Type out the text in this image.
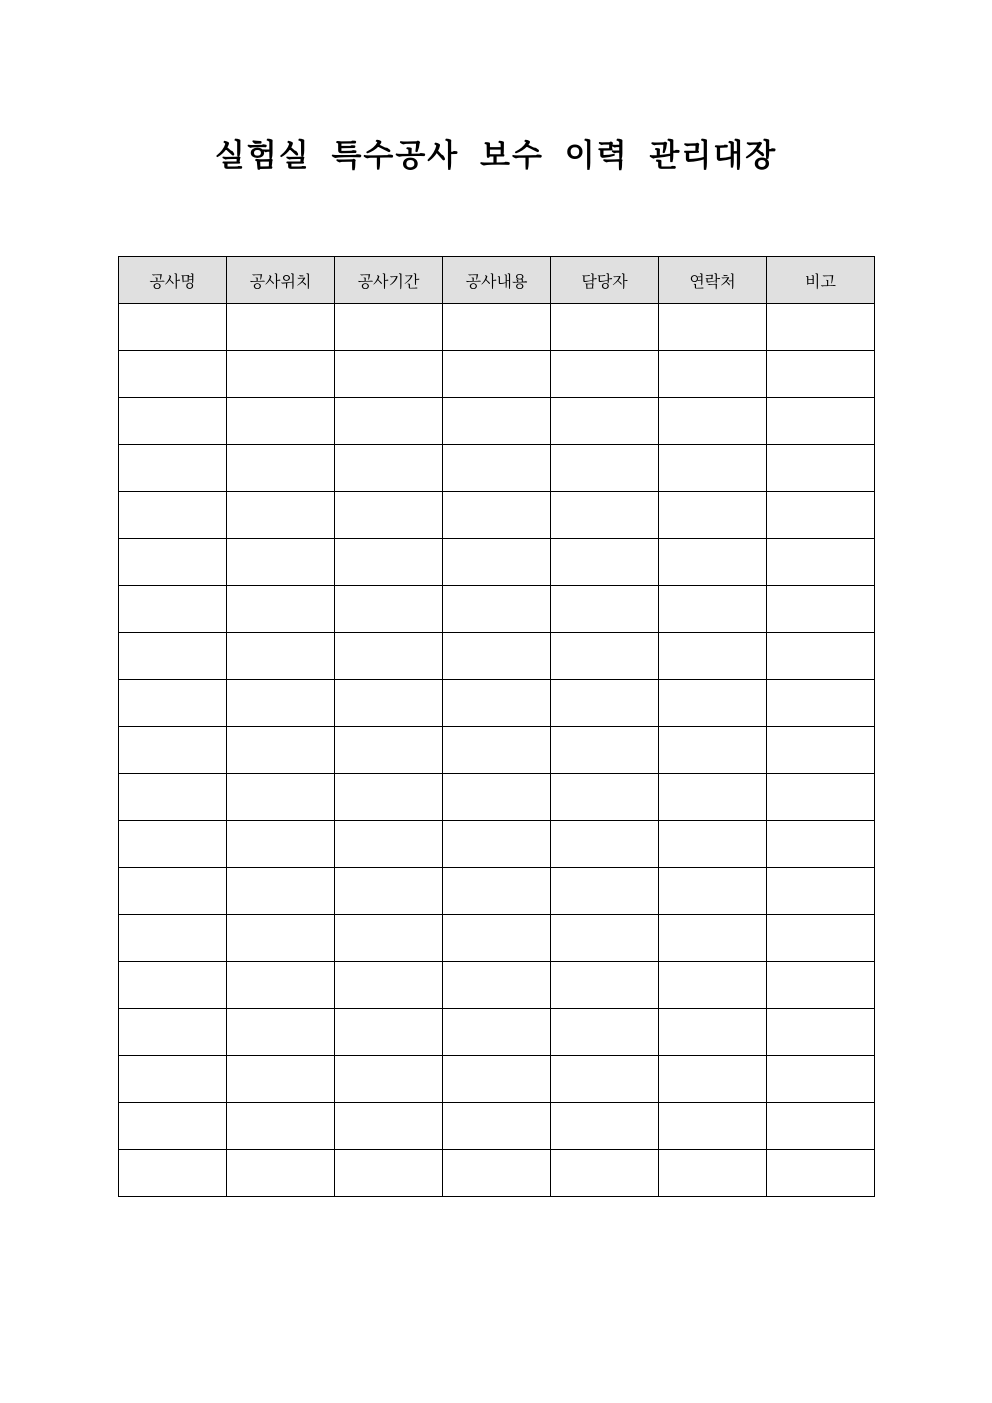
실험실 특수공사 보수 이력 관리대장
공사명	공사위치	공사기간	공사내용	담당자	연락처	비고
